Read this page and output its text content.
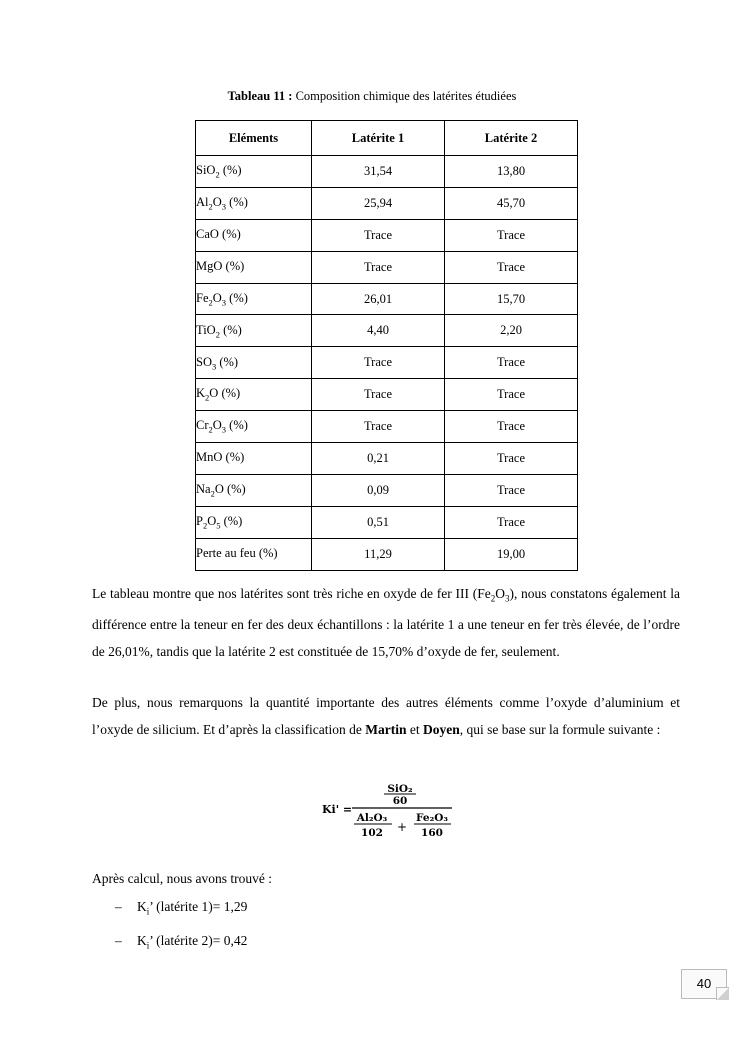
Tableau 11 : Composition chimique des latérites étudiées
Eléments	Latérite 1	Latérite 2
SiO$_2$ (%)	31,54	13,80
$Al_2O_3$ (%)	25,94	45,70
CaO (%)	Trace	Trace
MgO (%)	Trace	Trace
$Fe_2O_3$ (%)	26,01	15,70
TiO$_2$ (%)	4,40	2,20
$SO_3$ (%)	Trace	Trace
$K_2O$ (%)	Trace	Trace
$Cr_2O_3$ (%)	Trace	Trace
MnO (%)	0,21	Trace
$Na_2O$ (%)	0,09	Trace
$P_2O_5$ (%)	0,51	Trace
Perte au feu (%)	11,29	19,00
Le tableau montre que nos latérites sont très riche en oxyde de fer III $(Fe_2O_3)$, nous constatons également la différence entre la teneur en fer des deux échantillons : la latérite 1 a une teneur en fer très élevée, de l’ordre de 26,01%, tandis que la latérite 2 est constituée de 15,70% d’oxyde de fer, seulement.
De plus, nous remarquons la quantité importante des autres éléments comme l’oxyde d’aluminium et l’oxyde de silicium. Et d’après la classification de Martin et Doyen, qui se base sur la formule suivante :
Ki' =
SiO₂
60
Al₂O₃
102 +
Fe₂O₃
160
Après calcul, nous avons trouvé :
– $K_i$’ (latérite 1)= 1,29
– $K_i$’ (latérite 2)= 0,42
40
